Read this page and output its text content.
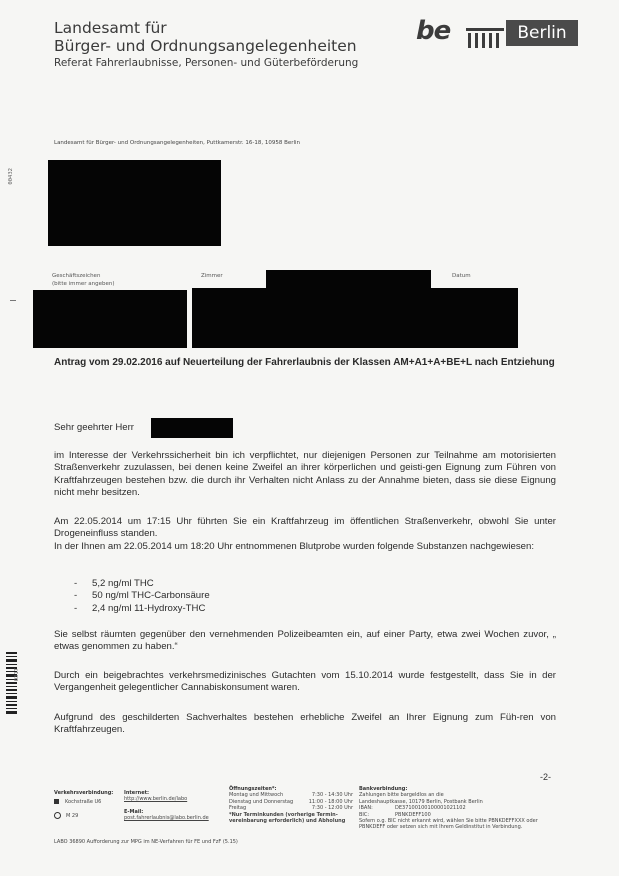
00432
0317
Landesamt für
Bürger- und Ordnungsangelegenheiten
Referat Fahrerlaubnisse, Personen- und Güterbeförderung
be	Berlin
Landesamt für Bürger- und Ordnungsangelegenheiten, Puttkamerstr. 16-18, 10958 Berlin
Geschäftszeichen
(bitte immer angeben)
Zimmer	Datum
Antrag vom 29.02.2016 auf Neuerteilung der Fahrerlaubnis der Klassen AM+A1+A+BE+L nach Entziehung
Sehr geehrter Herr
im Interesse der Verkehrssicherheit bin ich verpflichtet, nur diejenigen Personen zur Teilnahme am motorisierten Straßenverkehr zuzulassen, bei denen keine Zweifel an ihrer körperlichen und geisti-gen Eignung zum Führen von Kraftfahrzeugen bestehen bzw. die durch ihr Verhalten nicht Anlass zu der Annahme bieten, dass sie diese Eignung nicht mehr besitzen.
Am 22.05.2014 um 17:15 Uhr führten Sie ein Kraftfahrzeug im öffentlichen Straßenverkehr, obwohl Sie unter Drogeneinfluss standen.
In der Ihnen am 22.05.2014 um 18:20 Uhr entnommenen Blutprobe wurden folgende Substanzen nachgewiesen:
- 5,2 ng/ml THC
- 50 ng/ml THC-Carbonsäure
- 2,4 ng/ml 11-Hydroxy-THC
Sie selbst räumten gegenüber den vernehmenden Polizeibeamten ein, auf einer Party, etwa zwei Wochen zuvor, „ etwas genommen zu haben.“
Durch ein beigebrachtes verkehrsmedizinisches Gutachten vom 15.10.2014 wurde festgestellt, dass Sie in der Vergangenheit gelegentlicher Cannabiskonsument waren.
Aufgrund des geschilderten Sachverhaltes bestehen erhebliche Zweifel an Ihrer Eignung zum Füh-ren von Kraftfahrzeugen.
-2-
Verkehrsverbindung:
Kochstraße U6
M 29
Internet:
http://www.berlin.de/labo
E-Mail:
post.fahrerlaubnis@labo.berlin.de
Öffnungszeiten*:
Montag und Mittwoch	7:30 - 14:30 Uhr
Dienstag und Donnerstag	11:00 - 18:00 Uhr
Freitag	7:30 - 12:00 Uhr
*Nur Terminkunden (vorherige Termin-vereinbarung erforderlich) und Abholung
Bankverbindung:
Zahlungen bitte bargeldlos an die
Landeshauptkasse, 10179 Berlin, Postbank Berlin
IBAN:	DE37100100100001021102
BIC:	PBNKDEFF100
Sofern o.g. BIC nicht erkannt wird, wählen Sie bitte PBNKDEFFXXX oder PBNKDEFF oder setzen sich mit Ihrem Geldinstitut in Verbindung.
LABO 36890 Aufforderung zur MPG im NE-Verfahren für FE und FzF (5.15)
